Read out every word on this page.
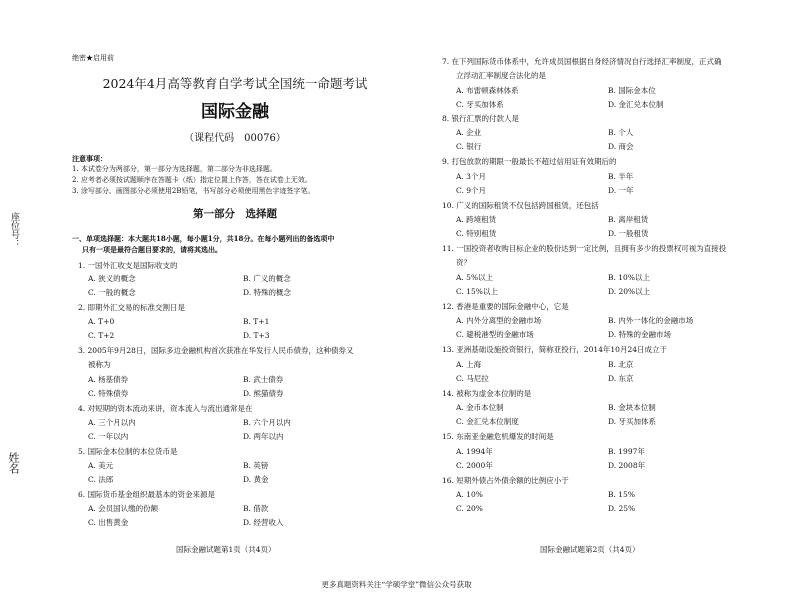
绝密★启用前
2024年4月高等教育自学考试全国统一命题考试
国际金融
（课程代码　00076）
座位号：
姓名
注意事项：
1. 本试卷分为两部分，第一部分为选择题，第二部分为非选择题。
2. 应考者必须按试题顺序在答题卡（纸）指定位置上作答，答在试卷上无效。
3. 涂写部分、画图部分必须使用2B铅笔，书写部分必须使用黑色字迹签字笔。
第一部分　选择题
一、单项选择题：本大题共18小题，每小题1分，共18分。在每小题列出的备选项中
只有一项是最符合题目要求的，请将其选出。
1. 一国外汇收支是国际收支的
A. 狭义的概念	B. 广义的概念
C. 一般的概念	D. 特殊的概念
2. 即期外汇交易的标准交割日是
A. T+0	B. T+1
C. T+2	D. T+3
3. 2005年9月28日，国际多边金融机构首次获准在华发行人民币债券，这种债券又
被称为
A. 杨基债券	B. 武士债券
C. 特殊债券	D. 熊猫债券
4. 对短期的资本流动来讲，资本流入与流出通常是在
A. 三个月以内	B. 六个月以内
C. 一年以内	D. 两年以内
5. 国际金本位制的本位货币是
A. 美元	B. 英镑
C. 法郎	D. 黄金
6. 国际货币基金组织最基本的资金来源是
A. 会员国认缴的份额	B. 借款
C. 出售黄金	D. 经营收入
7. 在下列国际货币体系中，允许成员国根据自身经济情况自行选择汇率制度，正式确
立浮动汇率制度合法化的是
A. 布雷顿森林体系	B. 国际金本位
C. 牙买加体系	D. 金汇兑本位制
8. 银行汇票的付款人是
A. 企业	B. 个人
C. 银行	D. 商会
9. 打包放款的期限一般最长不超过信用证有效期后的
A. 3个月	B. 半年
C. 9个月	D. 一年
10. 广义的国际租赁不仅包括跨国租赁，还包括
A. 跨境租赁	B. 离岸租赁
C. 特别租赁	D. 一般租赁
11. 一国投资者收购目标企业的股份达到一定比例，且拥有多少的投票权可视为直接投
资？
A. 5%以上	B. 10%以上
C. 15%以上	D. 20%以上
12. 香港是重要的国际金融中心，它是
A. 内外分离型的金融市场	B. 内外一体化的金融市场
C. 避税港型的金融市场	D. 特殊的金融市场
13. 亚洲基础设施投资银行，简称亚投行，2014年10月24日成立于
A. 上海	B. 北京
C. 马尼拉	D. 东京
14. 被称为虚金本位制的是
A. 金币本位制	B. 金块本位制
C. 金汇兑本位制度	D. 牙买加体系
15. 东南亚金融危机爆发的时间是
A. 1994年	B. 1997年
C. 2000年	D. 2008年
16. 短期外债占外债余额的比例应小于
A. 10%	B. 15%
C. 20%	D. 25%
国际金融试题第1页（共4页）	国际金融试题第2页（共4页）
更多真题资料关注“学硕学堂”微信公众号获取
